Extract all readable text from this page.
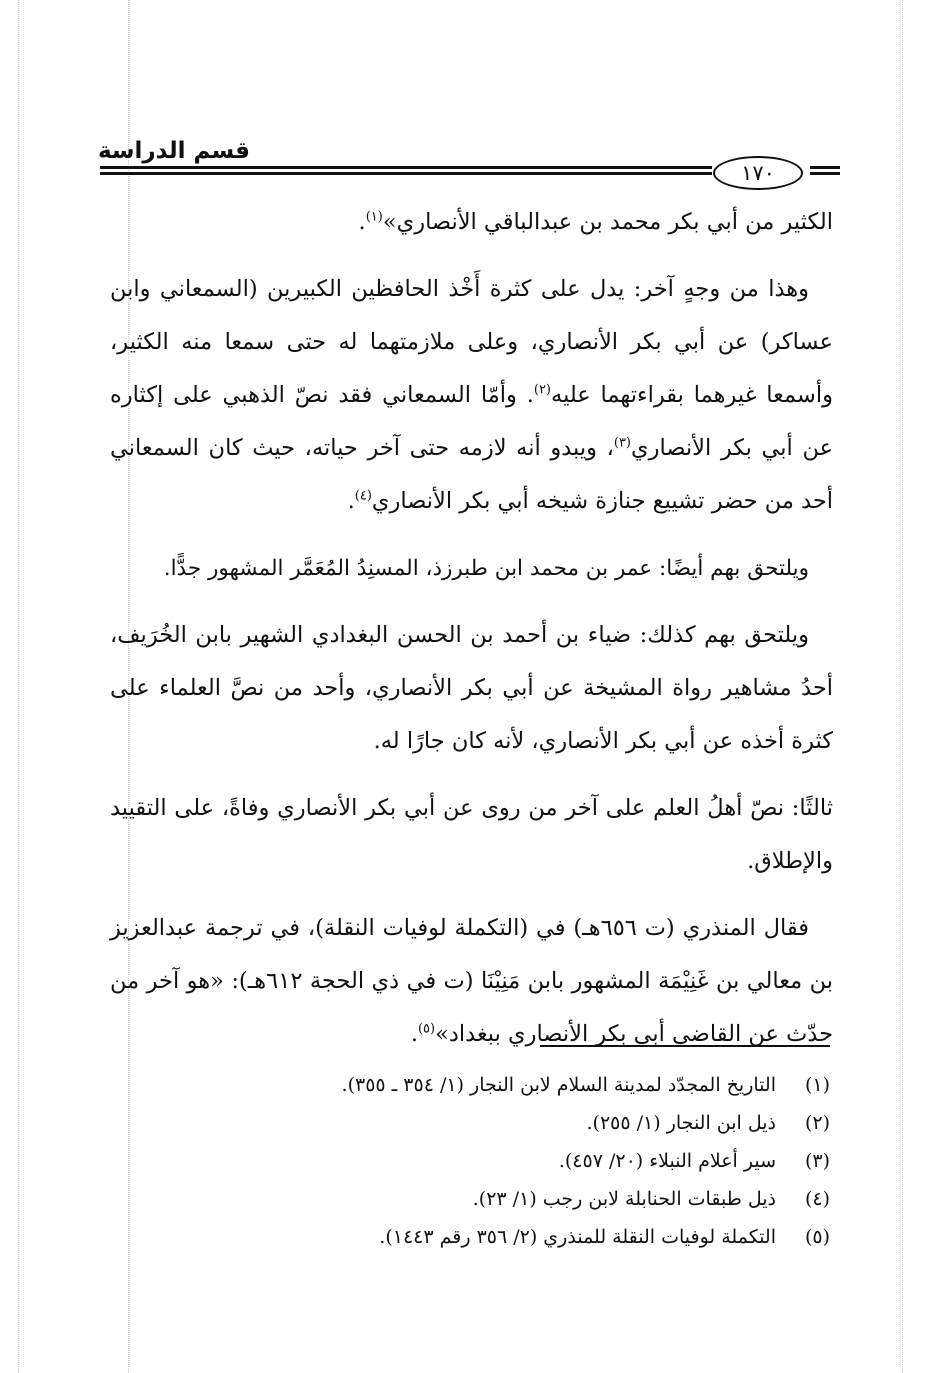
١٧٠
قسم الدراسة

الكثير من أبي بكر محمد بن عبدالباقي الأنصاري»$^{(١)}$.

وهذا من وجهٍ آخر: يدل على كثرة أَخْذ الحافظين الكبيرين (السمعاني وابن عساكر) عن أبي بكر الأنصاري، وعلى ملازمتهما له حتى سمعا منه الكثير، وأسمعا غيرهما بقراءتهما عليه$^{(٢)}$. وأمّا السمعاني فقد نصّ الذهبي على إكثاره عن أبي بكر الأنصاري$^{(٣)}$، ويبدو أنه لازمه حتى آخر حياته، حيث كان السمعاني أحد من حضر تشييع جنازة شيخه أبي بكر الأنصاري$^{(٤)}$.

ويلتحق بهم أيضًا: عمر بن محمد ابن طبرزذ، المسنِدُ المُعَمَّر المشهور جدًّا.

ويلتحق بهم كذلك: ضياء بن أحمد بن الحسن البغدادي الشهير بابن الخُرَيف، أحدُ مشاهير رواة المشيخة عن أبي بكر الأنصاري، وأحد من نصَّ العلماء على كثرة أخذه عن أبي بكر الأنصاري، لأنه كان جارًا له.

ثالثًا: نصّ أهلُ العلم على آخر من روى عن أبي بكر الأنصاري وفاةً، على التقييد والإطلاق.

فقال المنذري (ت ٦٥٦هـ) في (التكملة لوفيات النقلة)، في ترجمة عبدالعزيز بن معالي بن غَنِيْمَة المشهور بابن مَنِيْنَا (ت في ذي الحجة ٦١٢هـ): «هو آخر من حدّث عن القاضي أبي بكر الأنصاري ببغداد»$^{(٥)}$.

(١)
التاريخ المجدّد لمدينة السلام لابن النجار (١/ ٣٥٤ ـ ٣٥٥).
(٢)
ذيل ابن النجار (١/ ٢٥٥).
(٣)
سير أعلام النبلاء (٢٠/ ٤٥٧).
(٤)
ذيل طبقات الحنابلة لابن رجب (١/ ٢٣).
(٥)
التكملة لوفيات النقلة للمنذري (٢/ ٣٥٦ رقم ١٤٤٣).
